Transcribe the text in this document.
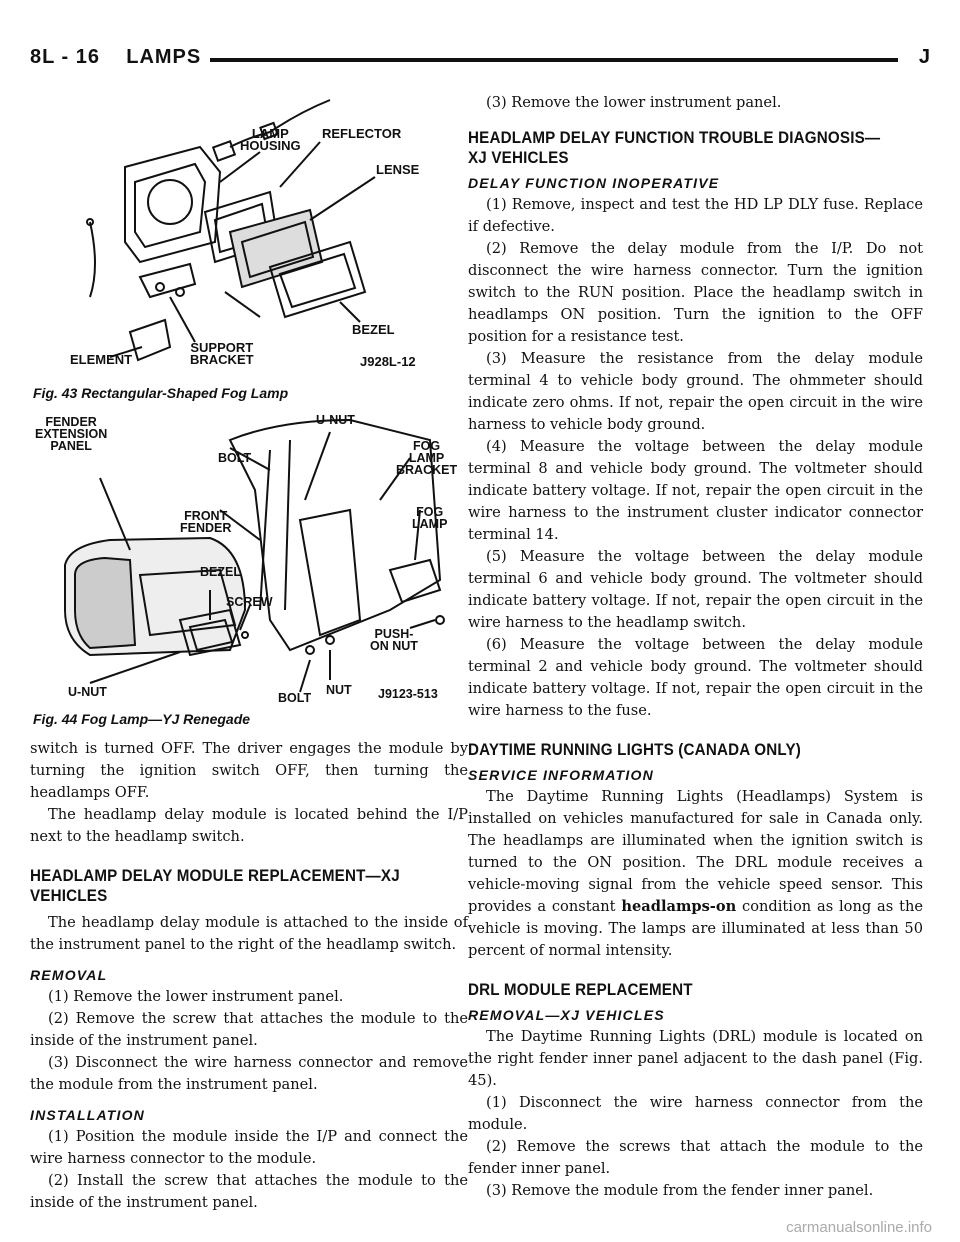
8L - 16    LAMPS	J
LAMP
HOUSING
REFLECTOR
LENSE
BEZEL
ELEMENT
SUPPORT
BRACKET	J928L-12

Fig. 43 Rectangular-Shaped Fog Lamp

FENDER
EXTENSION
PANEL
BOLT
U-NUT
FOG
LAMP
BRACKET
FRONT
FENDER
FOG
LAMP
BEZEL
SCREW
PUSH-
ON NUT
U-NUT	BOLT
NUT J9123-513

Fig. 44 Fog Lamp—YJ Renegade

switch is turned OFF. The driver engages the module by turning the ignition switch OFF, then turning the headlamps OFF.

The headlamp delay module is located behind the I/P next to the headlamp switch.

HEADLAMP DELAY MODULE REPLACEMENT—XJ VEHICLES

The headlamp delay module is attached to the inside of the instrument panel to the right of the headlamp switch.

REMOVAL

(1) Remove the lower instrument panel.

(2) Remove the screw that attaches the module to the inside of the instrument panel.

(3) Disconnect the wire harness connector and remove the module from the instrument panel.

INSTALLATION

(1) Position the module inside the I/P and connect the wire harness connector to the module.

(2) Install the screw that attaches the module to the inside of the instrument panel.

(3) Remove the lower instrument panel.

HEADLAMP DELAY FUNCTION TROUBLE DIAGNOSIS—XJ VEHICLES
DELAY FUNCTION INOPERATIVE

(1) Remove, inspect and test the HD LP DLY fuse. Replace if defective.

(2) Remove the delay module from the I/P. Do not disconnect the wire harness connector. Turn the ignition switch to the RUN position. Place the headlamp switch in headlamps ON position. Turn the ignition to the OFF position for a resistance test.

(3) Measure the resistance from the delay module terminal 4 to vehicle body ground. The ohmmeter should indicate zero ohms. If not, repair the open circuit in the wire harness to vehicle body ground.

(4) Measure the voltage between the delay module terminal 8 and vehicle body ground. The voltmeter should indicate battery voltage. If not, repair the open circuit in the wire harness to the instrument cluster indicator connector terminal 14.

(5) Measure the voltage between the delay module terminal 6 and vehicle body ground. The voltmeter should indicate battery voltage. If not, repair the open circuit in the wire harness to the headlamp switch.

(6) Measure the voltage between the delay module terminal 2 and vehicle body ground. The voltmeter should indicate battery voltage. If not, repair the open circuit in the wire harness to the fuse.

DAYTIME RUNNING LIGHTS (CANADA ONLY)
SERVICE INFORMATION

The Daytime Running Lights (Headlamps) System is installed on vehicles manufactured for sale in Canada only. The headlamps are illuminated when the ignition switch is turned to the ON position. The DRL module receives a vehicle-moving signal from the vehicle speed sensor. This provides a constant headlamps-on condition as long as the vehicle is moving. The lamps are illuminated at less than 50 percent of normal intensity.

DRL MODULE REPLACEMENT
REMOVAL—XJ VEHICLES

The Daytime Running Lights (DRL) module is located on the right fender inner panel adjacent to the dash panel (Fig. 45).

(1) Disconnect the wire harness connector from the module.

(2) Remove the screws that attach the module to the fender inner panel.

(3) Remove the module from the fender inner panel.

carmanualsonline.info
